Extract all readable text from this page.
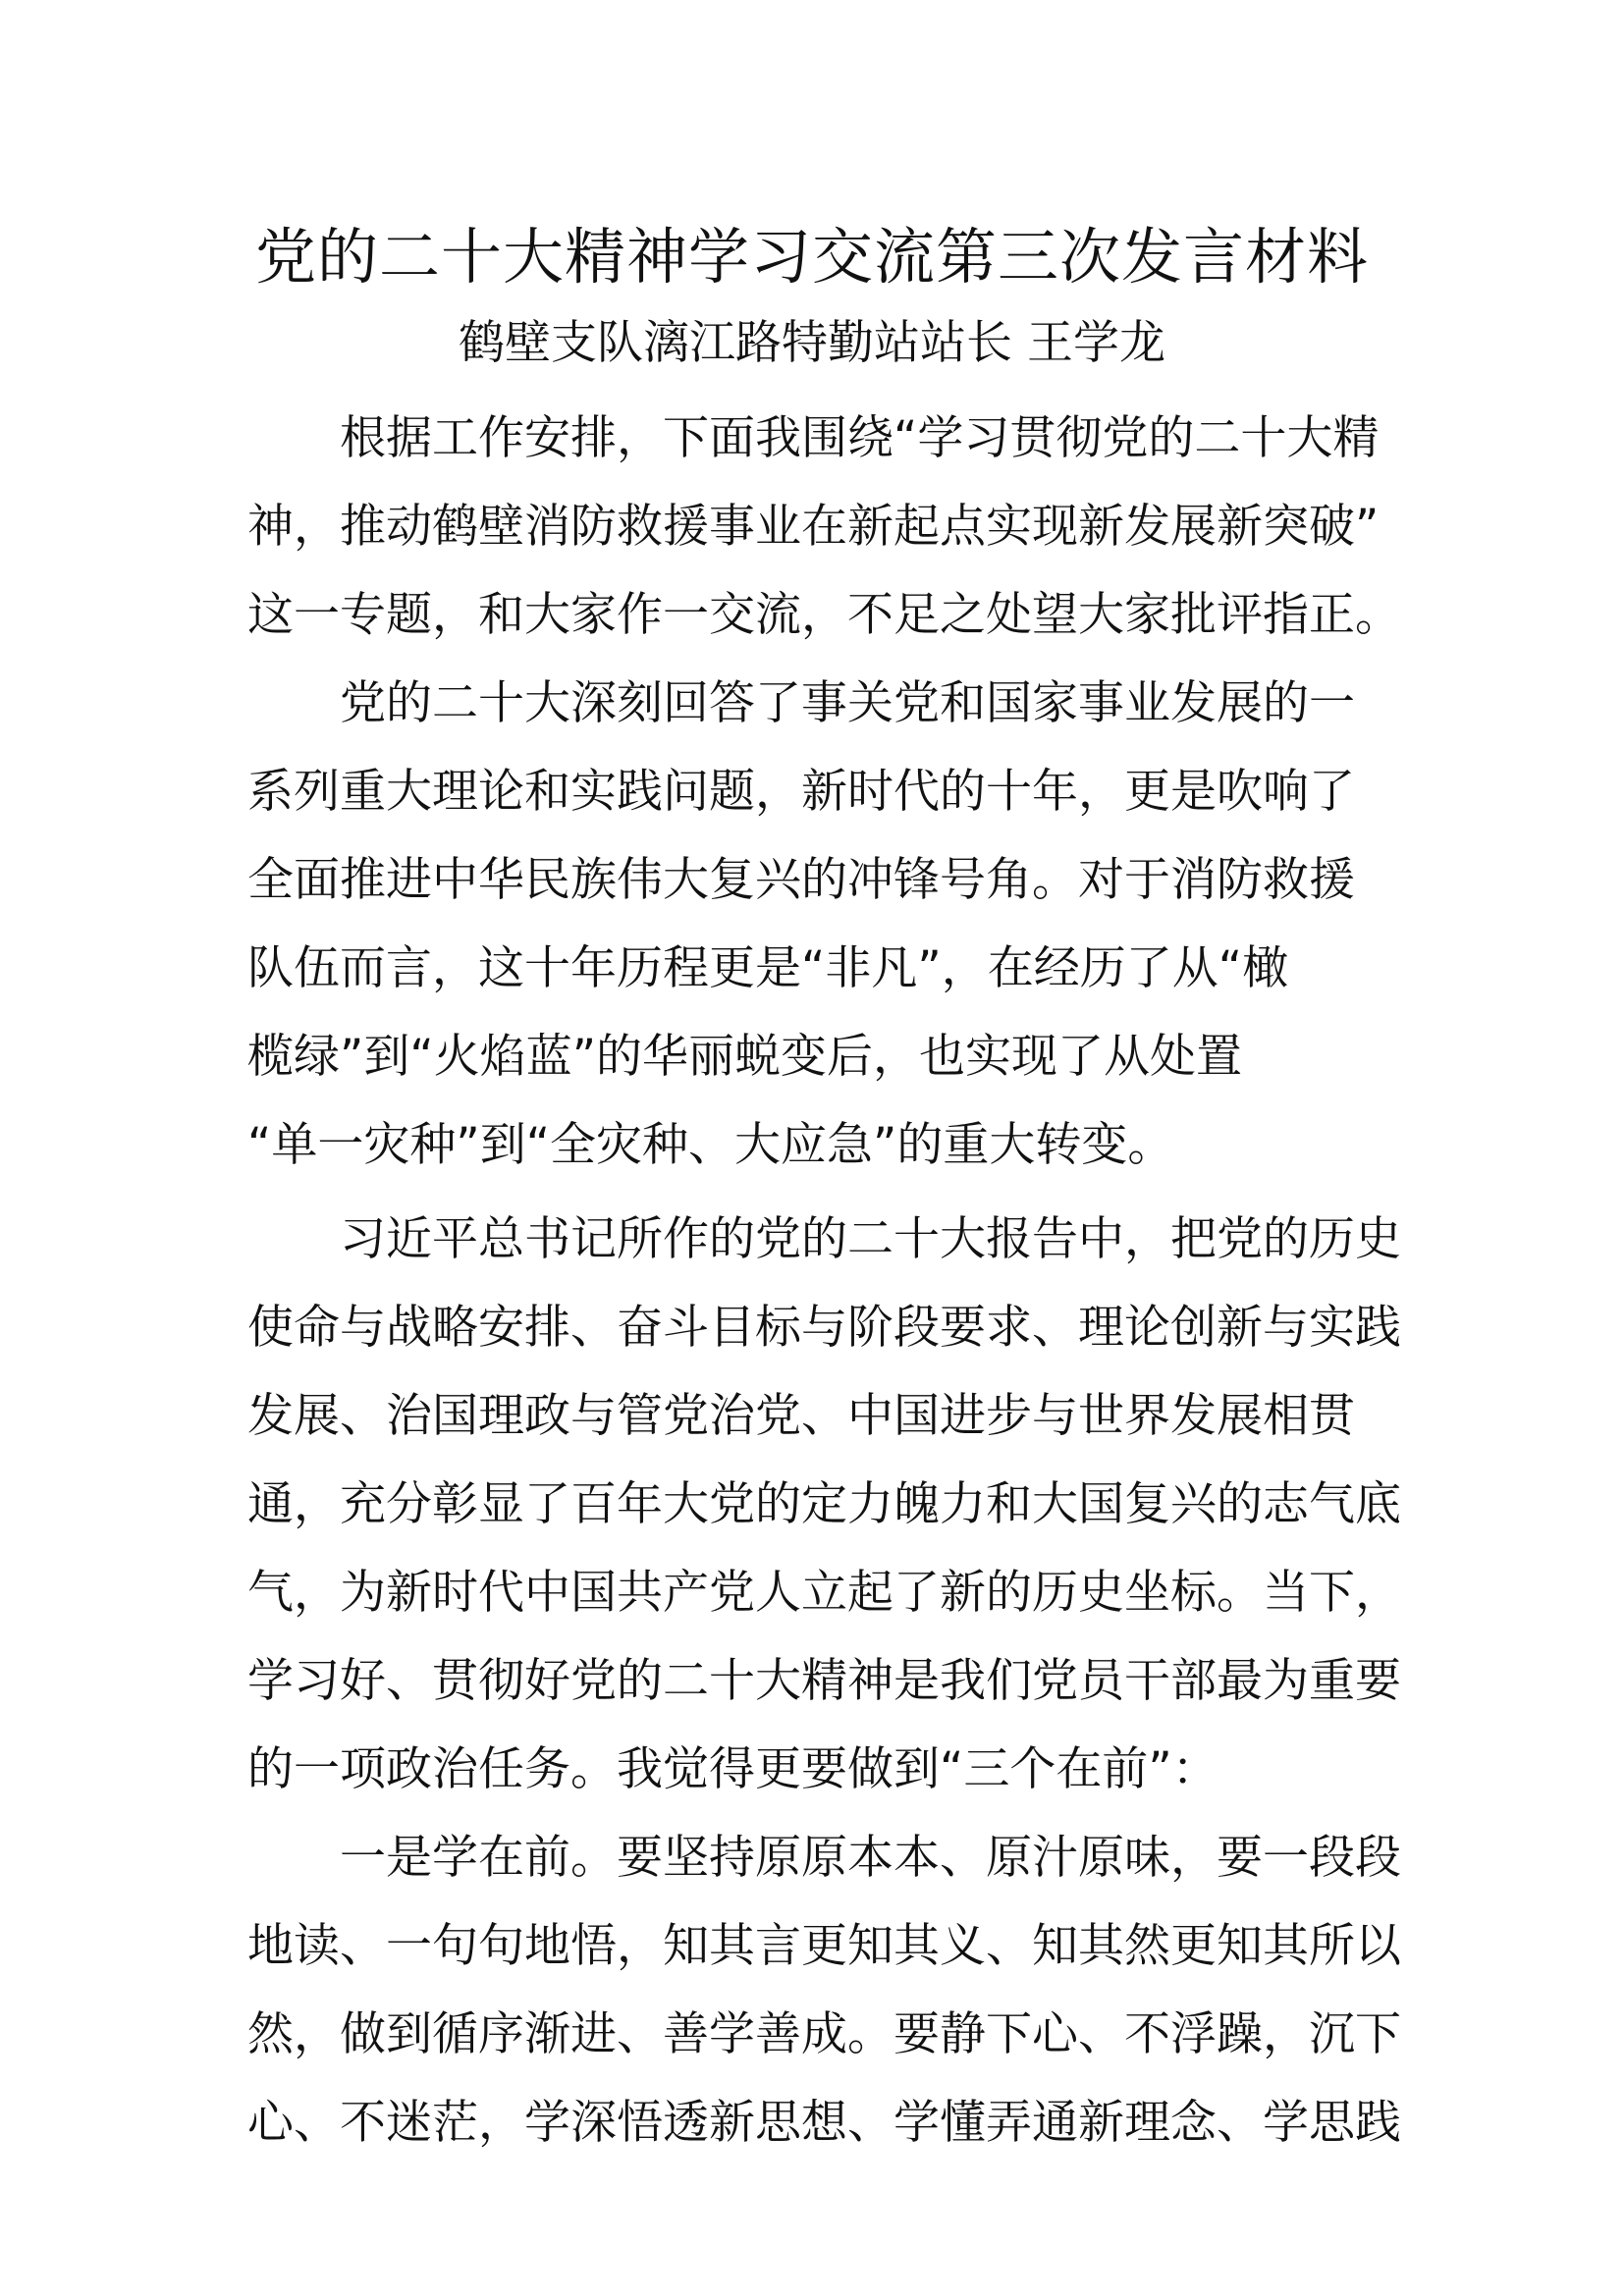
党的二十大精神学习交流第三次发言材料
鹤壁支队漓江路特勤站站长 王学龙
　　根据工作安排，下面我围绕“学习贯彻党的二十大精
神，推动鹤壁消防救援事业在新起点实现新发展新突破”
这一专题，和大家作一交流，不足之处望大家批评指正。
　　党的二十大深刻回答了事关党和国家事业发展的一
系列重大理论和实践问题，新时代的十年，更是吹响了
全面推进中华民族伟大复兴的冲锋号角。对于消防救援
队伍而言，这十年历程更是“非凡”，在经历了从“橄
榄绿”到“火焰蓝”的华丽蜕变后，也实现了从处置
“单一灾种”到“全灾种、大应急”的重大转变。
　　习近平总书记所作的党的二十大报告中，把党的历史
使命与战略安排、奋斗目标与阶段要求、理论创新与实践
发展、治国理政与管党治党、中国进步与世界发展相贯
通，充分彰显了百年大党的定力魄力和大国复兴的志气底
气，为新时代中国共产党人立起了新的历史坐标。当下，
学习好、贯彻好党的二十大精神是我们党员干部最为重要
的一项政治任务。我觉得更要做到“三个在前”：
　　一是学在前。要坚持原原本本、原汁原味，要一段段
地读、一句句地悟，知其言更知其义、知其然更知其所以
然，做到循序渐进、善学善成。要静下心、不浮躁，沉下
心、不迷茫，学深悟透新思想、学懂弄通新理念、学思践
